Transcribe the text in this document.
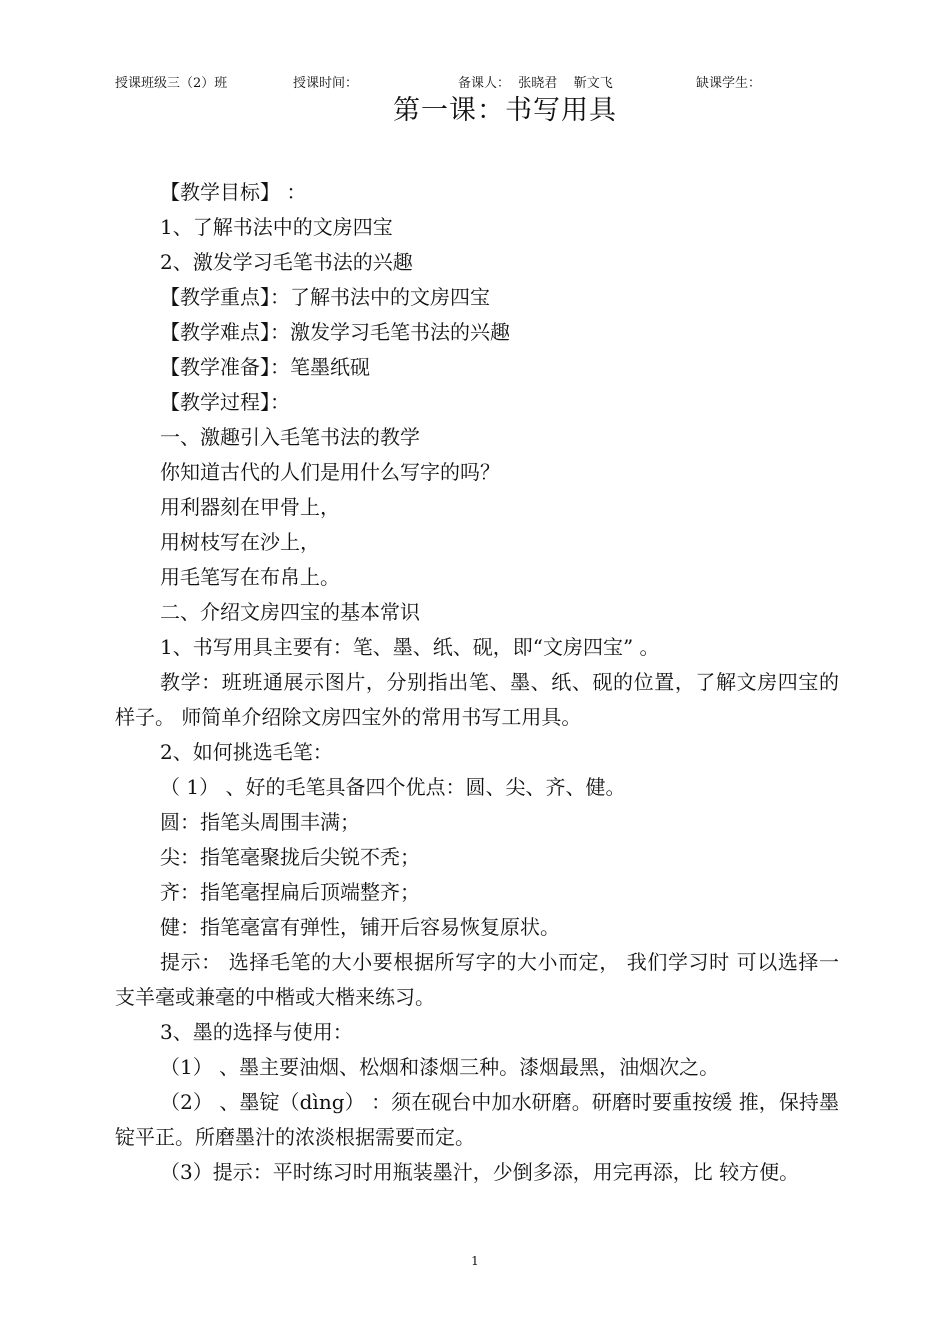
授课班级三（2）班	授课时间：	备课人：  张晓君    靳文飞	缺课学生：
第一课：书写用具

【教学目标】 ：

1、了解书法中的文房四宝

2、激发学习毛笔书法的兴趣

【教学重点】：了解书法中的文房四宝

【教学难点】：激发学习毛笔书法的兴趣

【教学准备】：笔墨纸砚

【教学过程】：

一、激趣引入毛笔书法的教学

你知道古代的人们是用什么写字的吗？

用利器刻在甲骨上，

用树枝写在沙上，

用毛笔写在布帛上。

二、介绍文房四宝的基本常识

1、书写用具主要有：笔、墨、纸、砚，即“文房四宝” 。

教学：班班通展示图片，分别指出笔、墨、纸、砚的位置，了解文房四宝的样子。 师简单介绍除文房四宝外的常用书写工用具。

2、如何挑选毛笔：

（ 1） 、好的毛笔具备四个优点：圆、尖、齐、健。

圆：指笔头周围丰满；

尖：指笔毫聚拢后尖锐不秃；

齐：指笔毫捏扁后顶端整齐；

健：指笔毫富有弹性，铺开后容易恢复原状。

提示： 选择毛笔的大小要根据所写字的大小而定， 我们学习时 可以选择一支羊毫或兼毫的中楷或大楷来练习。

3、墨的选择与使用：

（1） 、墨主要油烟、松烟和漆烟三种。漆烟最黑，油烟次之。

（2） 、墨锭（dìng） ：须在砚台中加水研磨。研磨时要重按缓 推，保持墨锭平正。所磨墨汁的浓淡根据需要而定。

（3）提示：平时练习时用瓶装墨汁，少倒多添，用完再添，比 较方便。

1
